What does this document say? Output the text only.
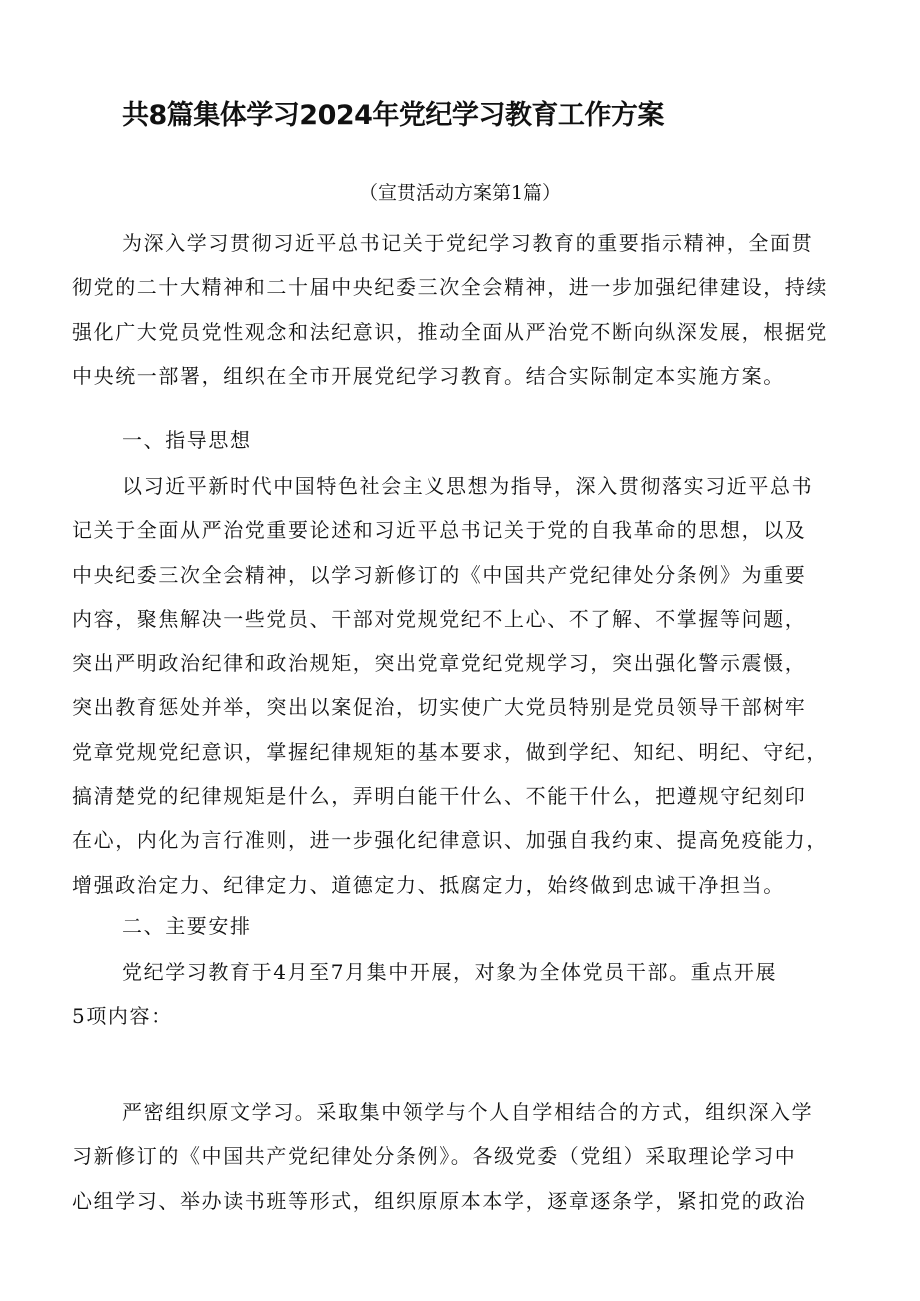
共8篇集体学习2024年党纪学习教育工作方案
（宣贯活动方案第1篇）
为深入学习贯彻习近平总书记关于党纪学习教育的重要指示精神，全面贯
彻党的二十大精神和二十届中央纪委三次全会精神，进一步加强纪律建设，持续
强化广大党员党性观念和法纪意识，推动全面从严治党不断向纵深发展，根据党
中央统一部署，组织在全市开展党纪学习教育。结合实际制定本实施方案。
一、指导思想
以习近平新时代中国特色社会主义思想为指导，深入贯彻落实习近平总书
记关于全面从严治党重要论述和习近平总书记关于党的自我革命的思想，以及
中央纪委三次全会精神，以学习新修订的《中国共产党纪律处分条例》为重要
内容，聚焦解决一些党员、干部对党规党纪不上心、不了解、不掌握等问题，
突出严明政治纪律和政治规矩，突出党章党纪党规学习，突出强化警示震慑，
突出教育惩处并举，突出以案促治，切实使广大党员特别是党员领导干部树牢
党章党规党纪意识，掌握纪律规矩的基本要求，做到学纪、知纪、明纪、守纪，
搞清楚党的纪律规矩是什么，弄明白能干什么、不能干什么，把遵规守纪刻印
在心，内化为言行准则，进一步强化纪律意识、加强自我约束、提高免疫能力，
增强政治定力、纪律定力、道德定力、抵腐定力，始终做到忠诚干净担当。
二、主要安排
党纪学习教育于4月至7月集中开展，对象为全体党员干部。重点开展
5项内容：
严密组织原文学习。采取集中领学与个人自学相结合的方式，组织深入学
习新修订的《中国共产党纪律处分条例》。各级党委（党组）采取理论学习中
心组学习、举办读书班等形式，组织原原本本学，逐章逐条学，紧扣党的政治
